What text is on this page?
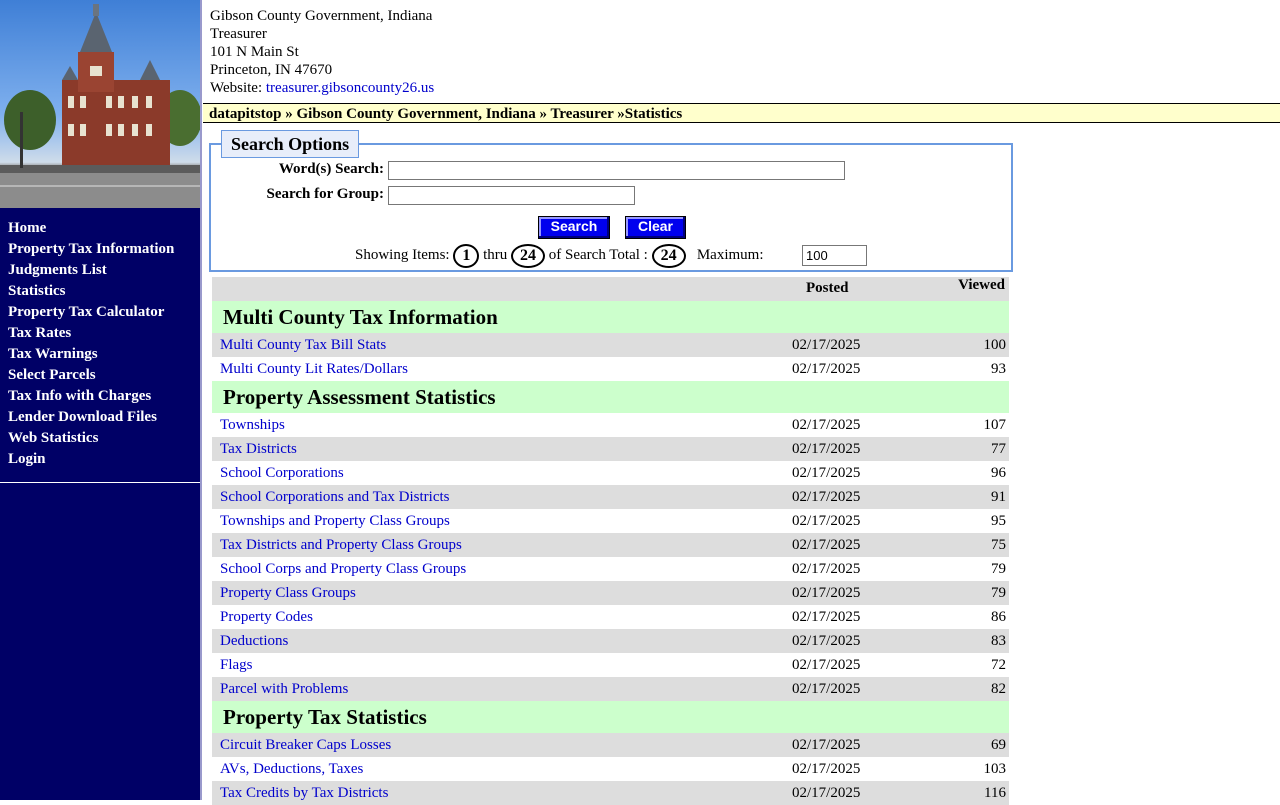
Home
Property Tax Information
Judgments List
Statistics
Property Tax Calculator
Tax Rates
Tax Warnings
Select Parcels
Tax Info with Charges
Lender Download Files
Web Statistics
Login
Gibson County Government, Indiana
Treasurer
101 N Main St
Princeton, IN 47670
Website: treasurer.gibsoncounty26.us
datapitstop » Gibson County Government, Indiana » Treasurer »Statistics
Search Options
Word(s) Search:
Search for Group:
Search	Clear
Showing Items: 1 thru 24 of Search Total : 24 Maximum:
100
Posted	Viewed
Multi County Tax Information
Multi County Tax Bill Stats	02/17/2025	100
Multi County Lit Rates/Dollars	02/17/2025	93
Property Assessment Statistics
Townships	02/17/2025	107
Tax Districts	02/17/2025	77
School Corporations	02/17/2025	96
School Corporations and Tax Districts	02/17/2025	91
Townships and Property Class Groups	02/17/2025	95
Tax Districts and Property Class Groups	02/17/2025	75
School Corps and Property Class Groups	02/17/2025	79
Property Class Groups	02/17/2025	79
Property Codes	02/17/2025	86
Deductions	02/17/2025	83
Flags	02/17/2025	72
Parcel with Problems	02/17/2025	82
Property Tax Statistics
Circuit Breaker Caps Losses	02/17/2025	69
AVs, Deductions, Taxes	02/17/2025	103
Tax Credits by Tax Districts	02/17/2025	116
